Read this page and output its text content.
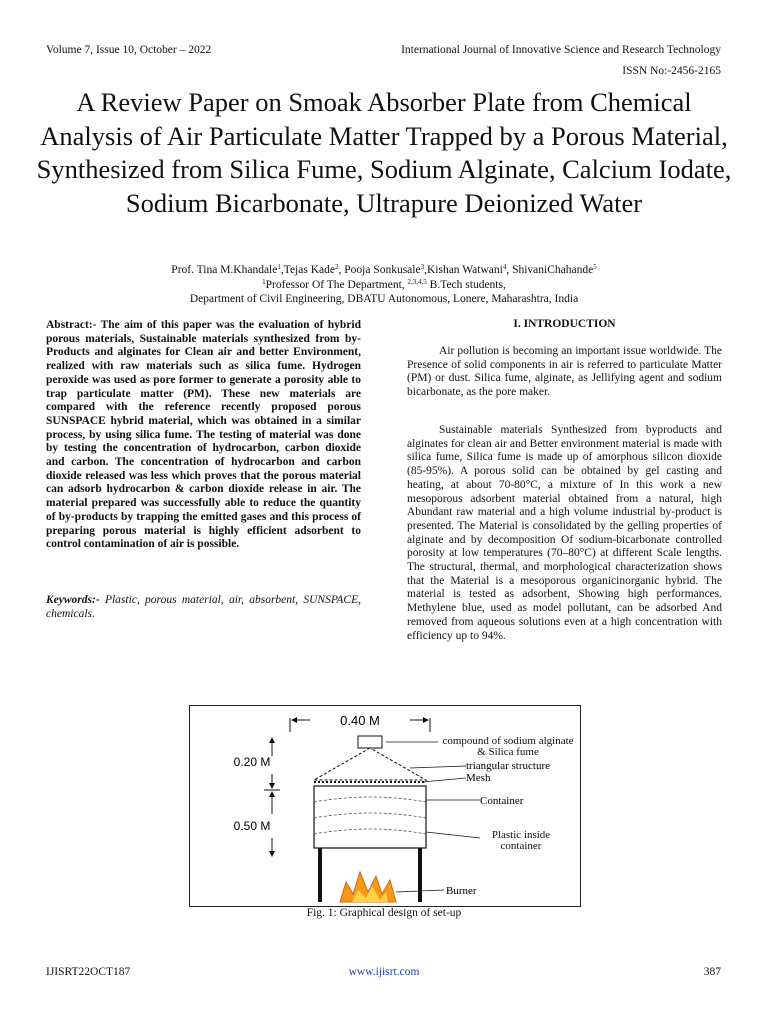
Volume 7, Issue 10, October – 2022	International Journal of Innovative Science and Research Technology
ISSN No:-2456-2165
A Review Paper on Smoak Absorber Plate from Chemical Analysis of Air Particulate Matter Trapped by a Porous Material, Synthesized from Silica Fume, Sodium Alginate, Calcium Iodate, Sodium Bicarbonate, Ultrapure Deionized Water
Prof. Tina M.Khandale$^1$,Tejas Kade$^2$, Pooja Sonkusale$^3$,Kishan Watwani$^4$, ShivaniChahande$^5$
$^1$Professor Of The Department, $^{2,3,4,5}$ B.Tech students,
Department of Civil Engineering, DBATU Autonomous, Lonere, Maharashtra, India
Abstract:- The aim of this paper was the evaluation of hybrid porous materials, Sustainable materials synthesized from by-Products and alginates for Clean air and better Environment, realized with raw materials such as silica fume. Hydrogen peroxide was used as pore former to generate a porosity able to trap particulate matter (PM). These new materials are compared with the reference recently proposed porous SUNSPACE hybrid material, which was obtained in a similar process, by using silica fume. The testing of material was done by testing the concentration of hydrocarbon, carbon dioxide and carbon. The concentration of hydrocarbon and carbon dioxide released was less which proves that the porous material can adsorb hydrocarbon & carbon dioxide release in air. The material prepared was successfully able to reduce the quantity of by-products by trapping the emitted gases and this process of preparing porous material is highly efficient adsorbent to control contamination of air is possible.
Keywords:- Plastic, porous material, air, absorbent, SUNSPACE, chemicals.
I. INTRODUCTION
Air pollution is becoming an important issue worldwide. The Presence of solid components in air is referred to particulate Matter (PM) or dust. Silica fume, alginate, as Jellifying agent and sodium bicarbonate, as the pore maker.
Sustainable materials Synthesized from byproducts and alginates for clean air and Better environment material is made with silica fume, Silica fume is made up of amorphous silicon dioxide (85-95%). A porous solid can be obtained by gel casting and heating, at about 70-80°C, a mixture of In this work a new mesoporous adsorbent material obtained from a natural, high Abundant raw material and a high volume industrial by-product is presented. The Material is consolidated by the gelling properties of alginate and by decomposition Of sodium-bicarbonate controlled porosity at low temperatures (70–80°C) at different Scale lengths. The structural, thermal, and morphological characterization shows that the Material is a mesoporous organicinorganic hybrid. The material is tested as adsorbent, Showing high performances. Methylene blue, used as model pollutant, can be adsorbed And removed from aqueous solutions even at a high concentration with efficiency up to 94%.
0.40 M
0.20 M
0.50 M
compound of sodium alginate & Silica fume
triangular structure
Mesh
Container
Plastic inside container
Burner
Fig. 1: Graphical design of set-up
IJISRT22OCT187	www.ijisrt.com	387
